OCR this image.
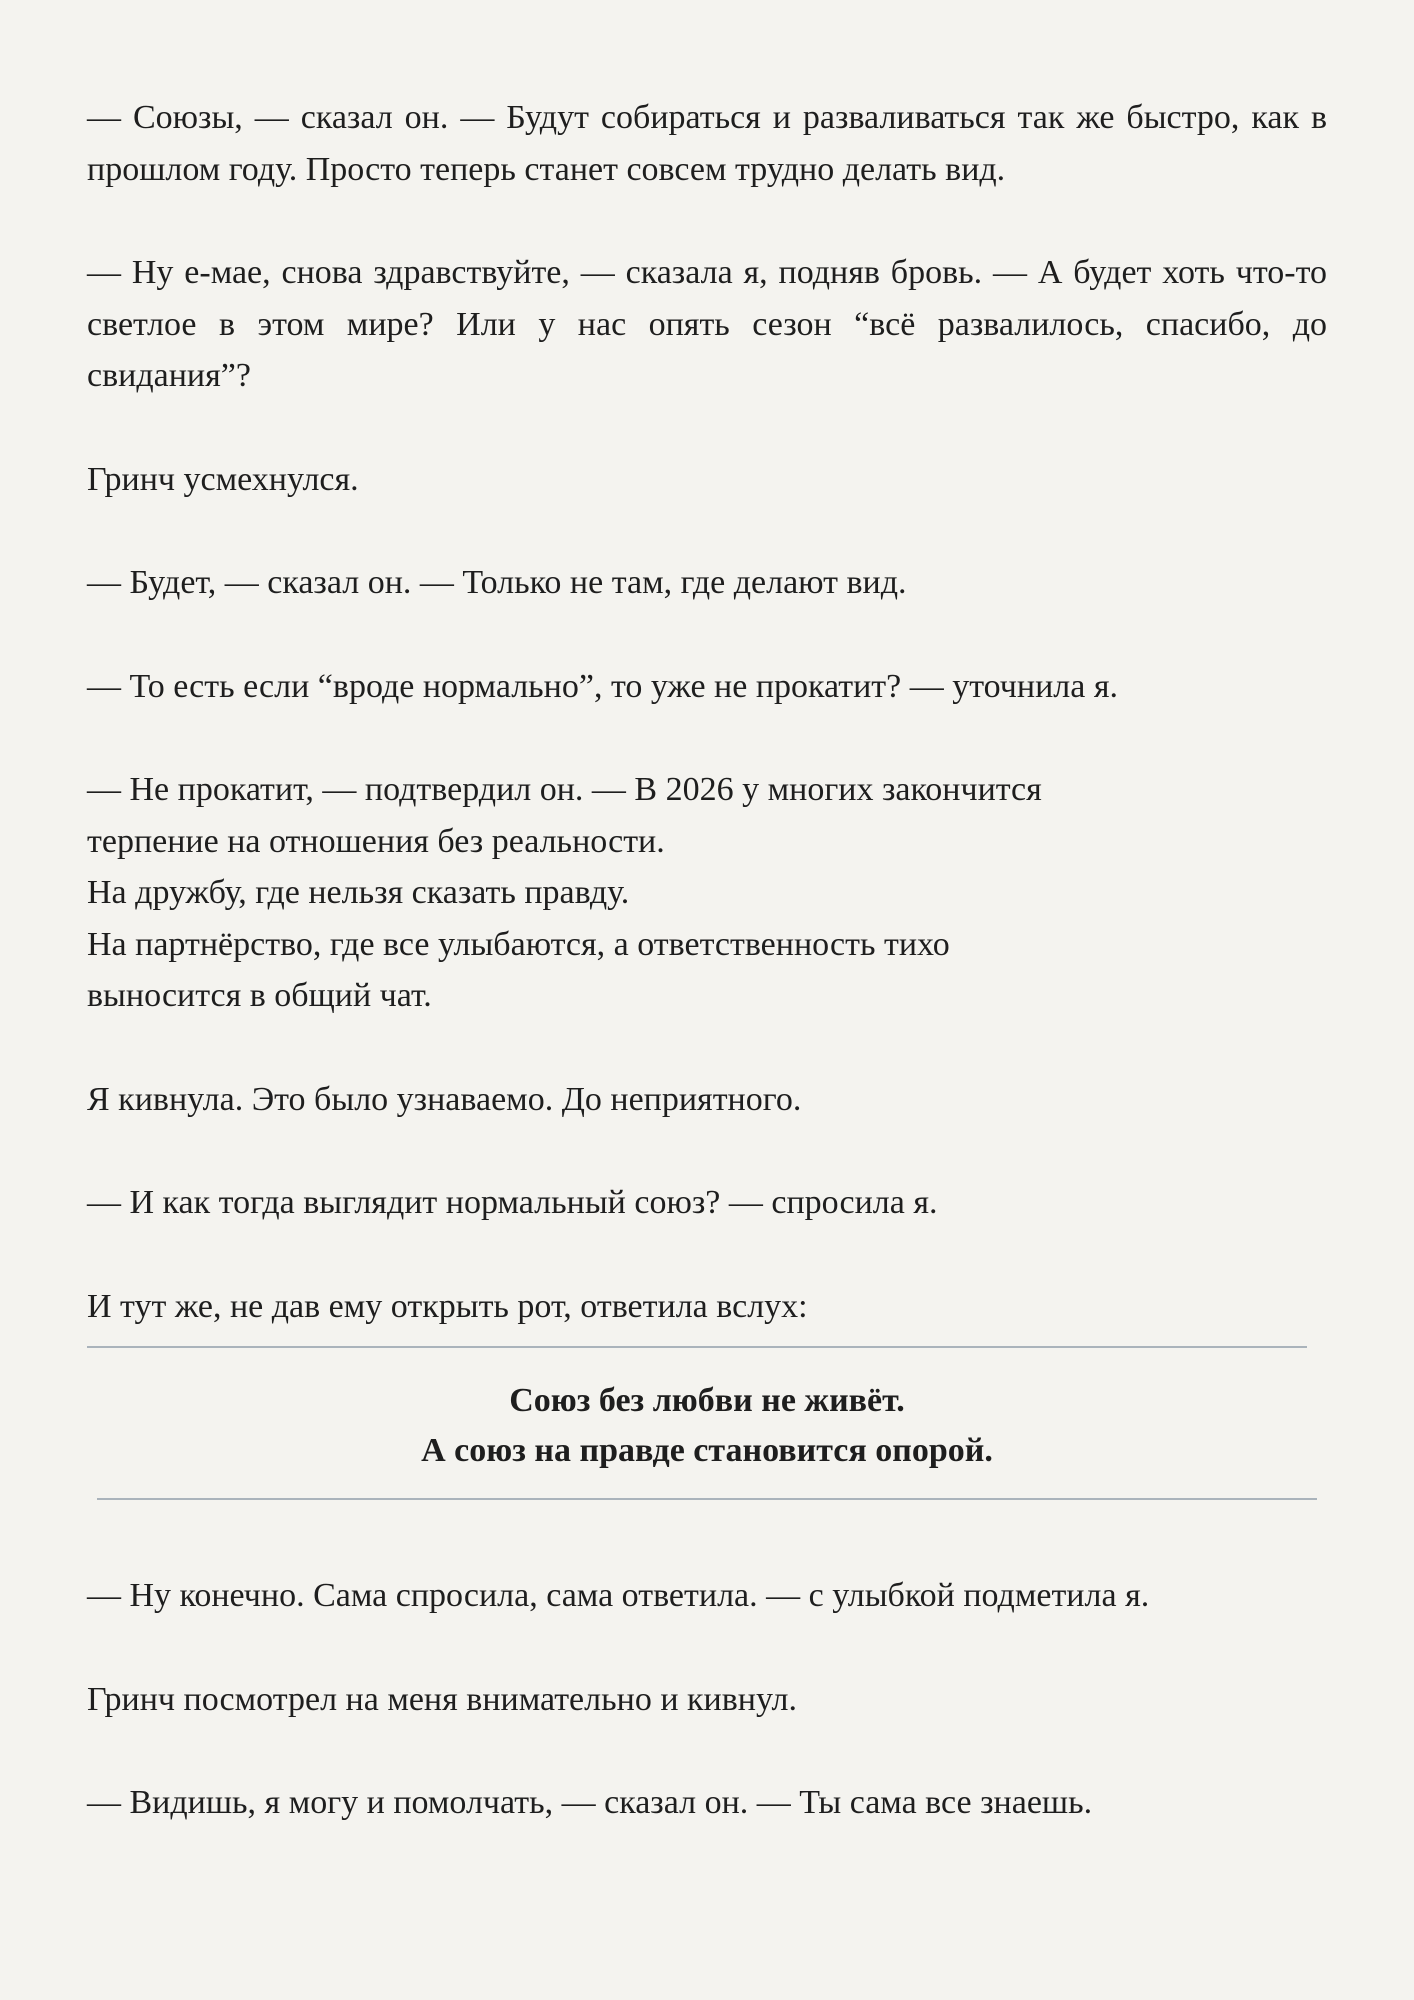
— Союзы, — сказал он. — Будут собираться и разваливаться так же быстро, как в прошлом году. Просто теперь станет совсем трудно делать вид.

— Ну е-мае, снова здравствуйте, — сказала я, подняв бровь. — А будет хоть что-то светлое в этом мире? Или у нас опять сезон “всё развалилось, спасибо, до свидания”?

Гринч усмехнулся.

— Будет, — сказал он. — Только не там, где делают вид.

— То есть если “вроде нормально”, то уже не прокатит? — уточнила я.

— Не прокатит, — подтвердил он. — В 2026 у многих закончится
терпение на отношения без реальности.
На дружбу, где нельзя сказать правду.
На партнёрство, где все улыбаются, а ответственность тихо
выносится в общий чат.

Я кивнула. Это было узнаваемо. До неприятного.

— И как тогда выглядит нормальный союз? — спросила я.

И тут же, не дав ему открыть рот, ответила вслух:

Союз без любви не живёт.
А союз на правде становится опорой.

— Ну конечно. Сама спросила, сама ответила. — с улыбкой подметила я.

Гринч посмотрел на меня внимательно и кивнул.

— Видишь, я могу и помолчать, — сказал он. — Ты сама все знаешь.
